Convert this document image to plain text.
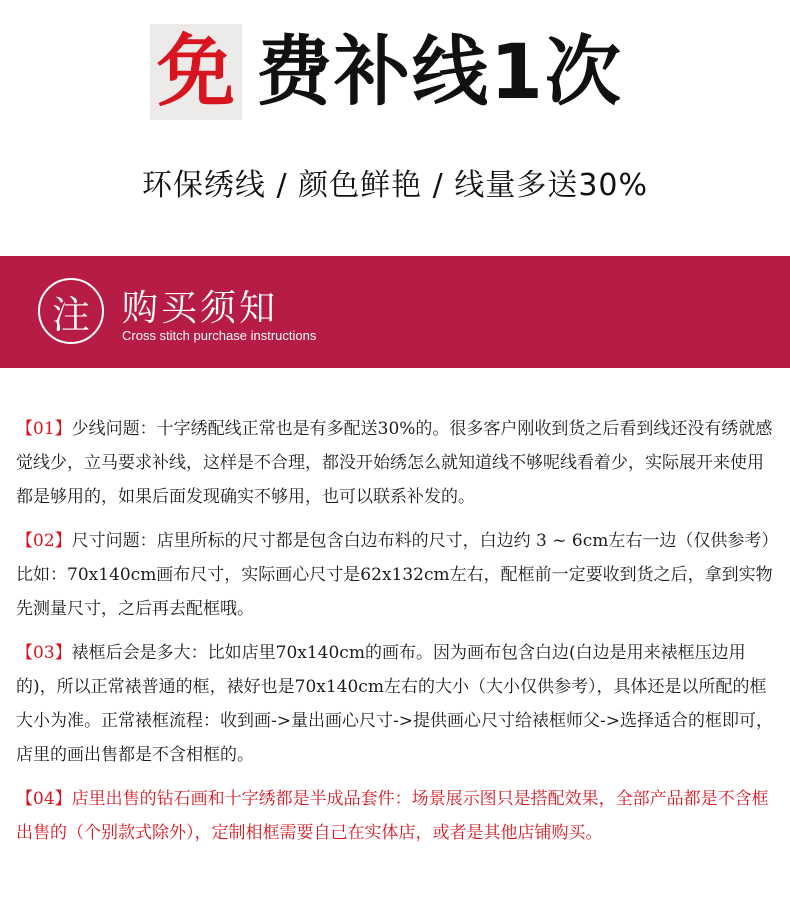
免 费补线1次
环保绣线 / 颜色鲜艳 / 线量多送30%
注 购买须知
Cross stitch purchase instructions

【01】少线问题：十字绣配线正常也是有多配送30%的。很多客户刚收到货之后看到线还没有绣就感觉线少，立马要求补线，这样是不合理，都没开始绣怎么就知道线不够呢线看着少，实际展开来使用都是够用的，如果后面发现确实不够用，也可以联系补发的。

【02】尺寸问题：店里所标的尺寸都是包含白边布料的尺寸，白边约 3 ~ 6cm左右一边（仅供参考）比如：70x140cm画布尺寸，实际画心尺寸是62x132cm左右，配框前一定要收到货之后，拿到实物先测量尺寸，之后再去配框哦。

【03】裱框后会是多大：比如店里70x140cm的画布。因为画布包含白边(白边是用来裱框压边用的)，所以正常裱普通的框，裱好也是70x140cm左右的大小（大小仅供参考），具体还是以所配的框大小为准。正常裱框流程：收到画->量出画心尺寸->提供画心尺寸给裱框师父->选择适合的框即可，店里的画出售都是不含相框的。

【04】店里出售的钻石画和十字绣都是半成品套件：场景展示图只是搭配效果，全部产品都是不含框出售的（个别款式除外），定制相框需要自己在实体店，或者是其他店铺购买。
